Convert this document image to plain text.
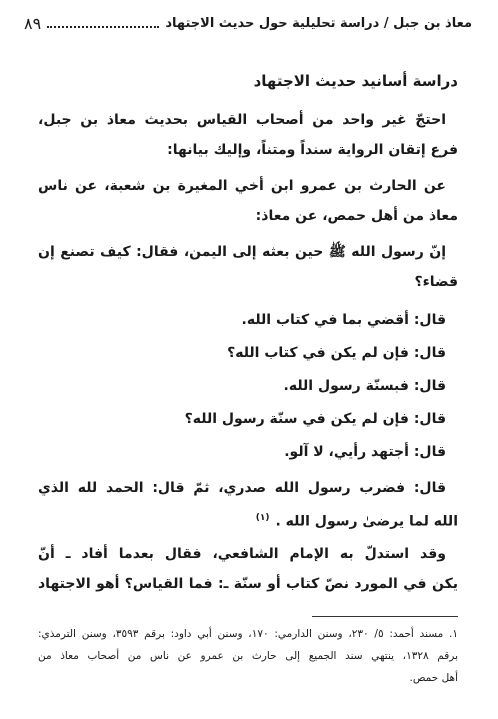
معاذ بن جبل / دراسة تحليلية حول حديث الاجتهاد
٨٩
دراسة أسانيد حديث الاجتهاد
احتجّ غير واحد من أصحاب القياس بحديث معاذ بن جبل،
فرع إتقان الرواية سنداً ومتناً، وإليك بيانها:
عن الحارث بن عمرو ابن أخي المغيرة بن شعبة، عن ناس
معاذ من أهل حمص، عن معاذ:
إنّ رسول الله ﷺ حين بعثه إلى اليمن، فقال: كيف تصنع إن
قضاء؟
قال: أقضي بما في كتاب الله.
قال: فإن لم يكن في كتاب الله؟
قال: فبسنّة رسول الله.
قال: فإن لم يكن في سنّة رسول الله؟
قال: أجتهد رأيي، لا آلو.
قال: فضرب رسول الله صدري، ثمّ قال: الحمد لله الذي
الله لما يرضىٰ رسول الله .$^{(١)}$
وقد استدلّ به الإمام الشافعي، فقال بعدما أفاد ـ أنّ
يكن في المورد نصّ كتاب أو سنّة ـ: فما القياس؟ أهو الاجتهاد
١. مسند أحمد: ٥/ ٢٣٠، وسنن الدارمي: ١٧٠، وسنن أبي داود: برقم ٣٥٩٣، وسنن الترمذي:
برقم ١٣٢٨، ينتهي سند الجميع إلى حارث بن عمرو عن ناس من أصحاب معاذ من
أهل حمص.
